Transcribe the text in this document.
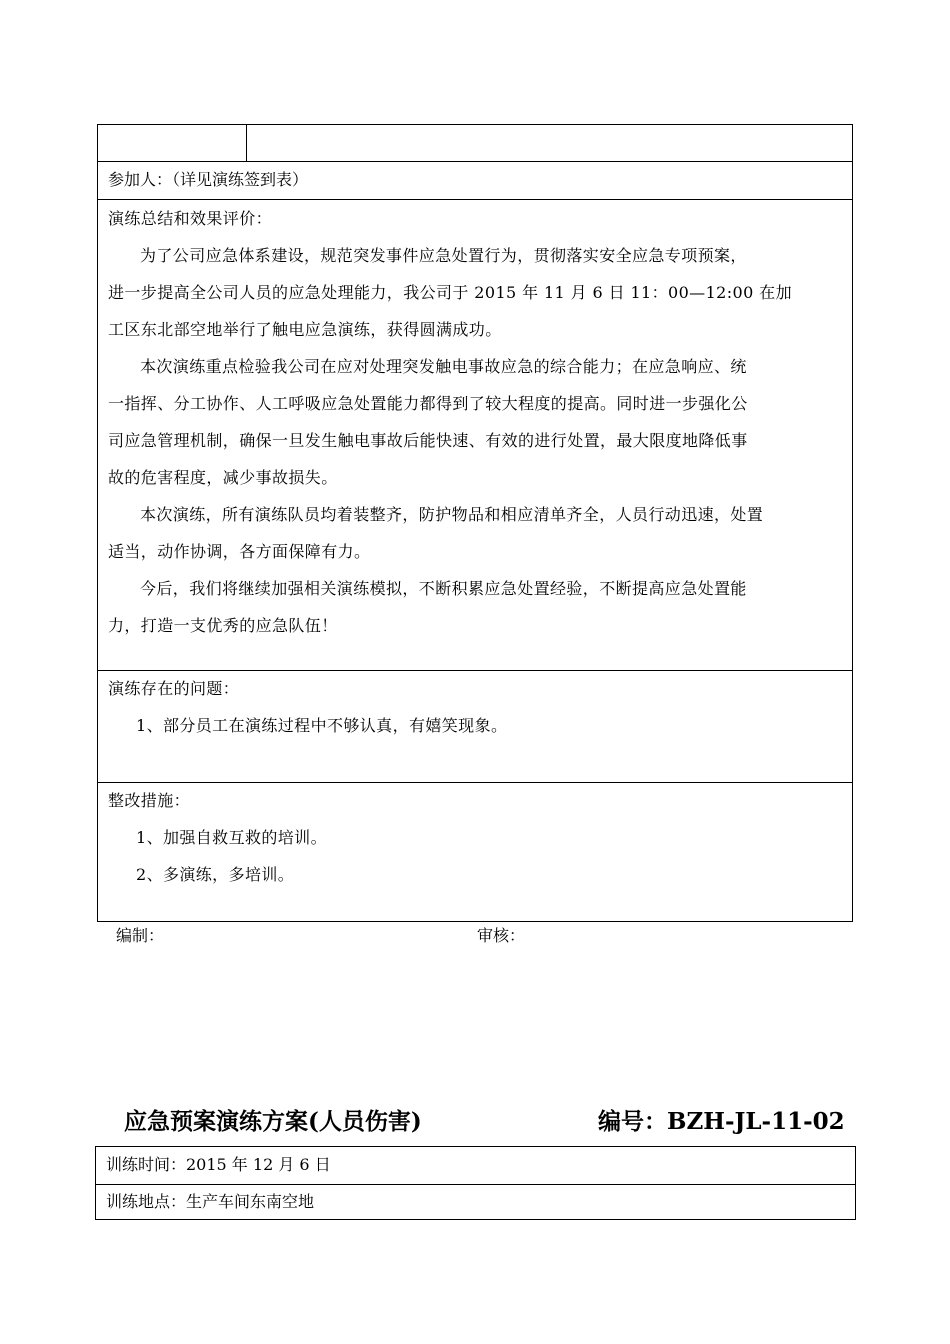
参加人：（详见演练签到表）
演练总结和效果评价：
为了公司应急体系建设，规范突发事件应急处置行为，贯彻落实安全应急专项预案，
进一步提高全公司人员的应急处理能力，我公司于 2015 年 11 月 6 日 11：00—12:00 在加
工区东北部空地举行了触电应急演练，获得圆满成功。
本次演练重点检验我公司在应对处理突发触电事故应急的综合能力；在应急响应、统
一指挥、分工协作、人工呼吸应急处置能力都得到了较大程度的提高。同时进一步强化公
司应急管理机制，确保一旦发生触电事故后能快速、有效的进行处置，最大限度地降低事
故的危害程度，减少事故损失。
本次演练，所有演练队员均着装整齐，防护物品和相应清单齐全，人员行动迅速，处置
适当，动作协调，各方面保障有力。
今后，我们将继续加强相关演练模拟，不断积累应急处置经验，不断提高应急处置能
力，打造一支优秀的应急队伍！
演练存在的问题：
1、部分员工在演练过程中不够认真，有嬉笑现象。
整改措施：
1、加强自救互救的培训。
2、多演练，多培训。
编制：	审核：
应急预案演练方案(人员伤害)	编号：BZH-JL-11-02
训练时间：2015 年 12 月 6 日
训练地点：生产车间东南空地
